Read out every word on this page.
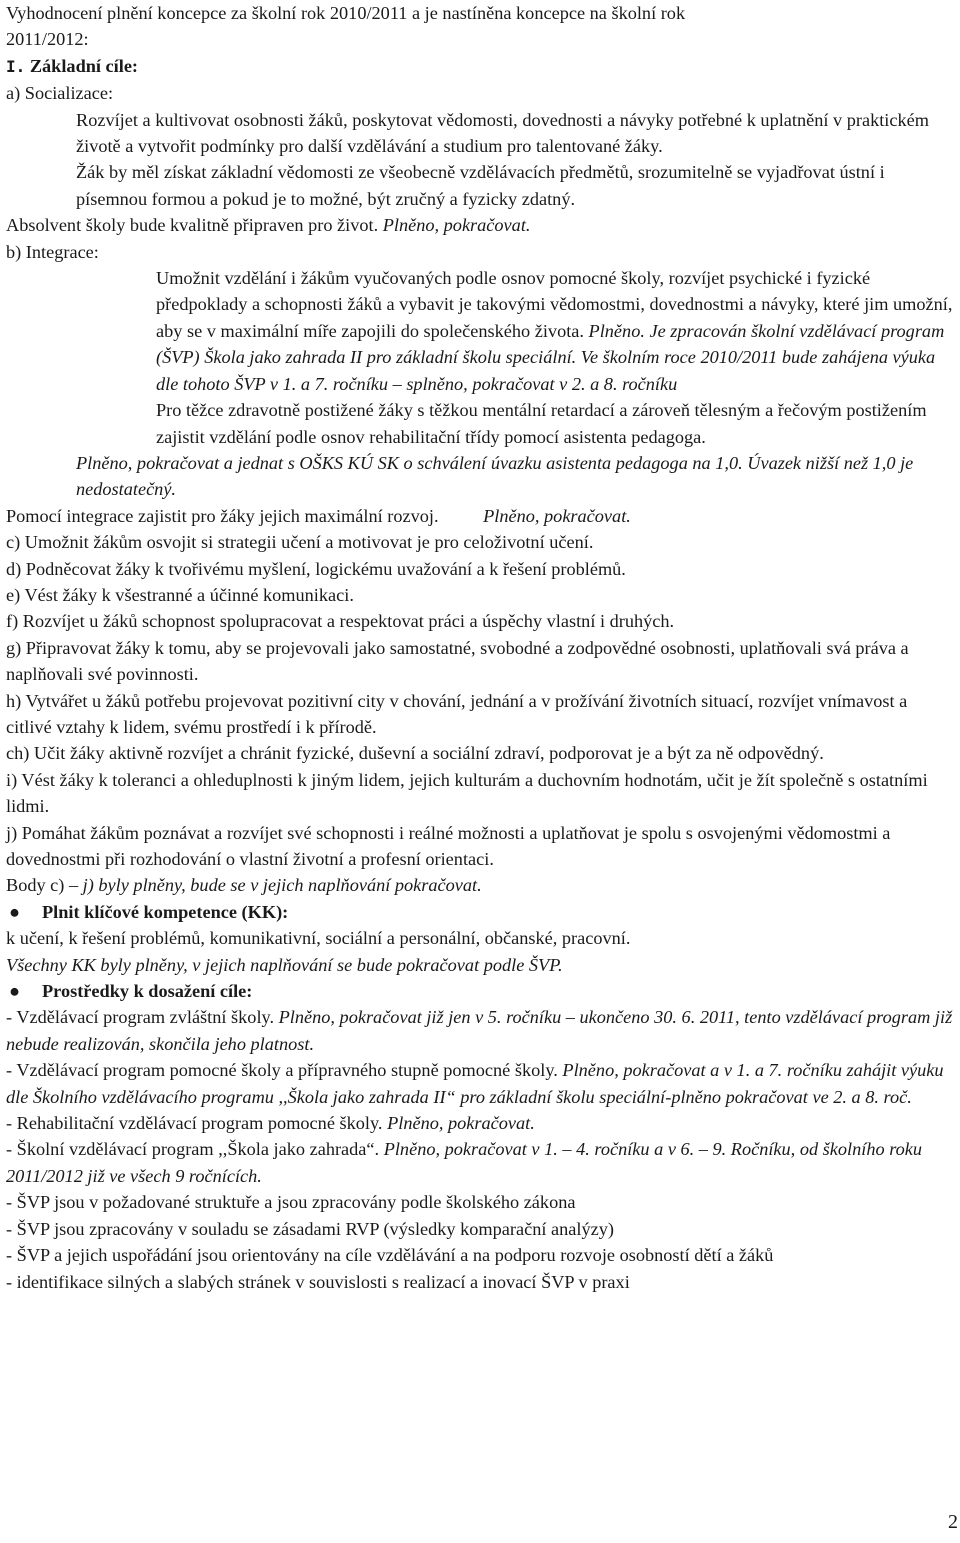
Vyhodnocení plnění koncepce za školní rok 2010/2011 a je nastíněna koncepce na školní rok
2011/2012:

I. Základní cíle:

a) Socializace:

Rozvíjet a kultivovat osobnosti žáků, poskytovat vědomosti, dovednosti a návyky potřebné k uplatnění v praktickém životě a vytvořit podmínky pro další vzdělávání a studium pro talentované žáky.

Žák by měl získat základní vědomosti ze všeobecně vzdělávacích předmětů, srozumitelně se vyjadřovat ústní i písemnou formou a pokud je to možné, být zručný a fyzicky zdatný.

Absolvent školy bude kvalitně připraven pro život. Plněno, pokračovat.

b) Integrace:

Umožnit vzdělání i žákům vyučovaných podle osnov pomocné školy, rozvíjet psychické i fyzické předpoklady a schopnosti žáků a vybavit je takovými vědomostmi, dovednostmi a návyky, které jim umožní, aby se v maximální míře zapojili do společenského života. Plněno. Je zpracován školní vzdělávací program (ŠVP) Škola jako zahrada II pro základní školu speciální. Ve školním roce 2010/2011 bude zahájena výuka dle tohoto ŠVP v 1. a 7. ročníku – splněno, pokračovat v 2. a 8. ročníku

Pro těžce zdravotně postižené žáky s těžkou mentální retardací a zároveň tělesným a řečovým postižením zajistit vzdělání podle osnov rehabilitační třídy pomocí asistenta pedagoga.

Plněno, pokračovat a jednat s OŠKS KÚ SK o schválení úvazku asistenta pedagoga na 1,0. Úvazek nižší než 1,0 je nedostatečný.

Pomocí integrace zajistit pro žáky jejich maximální rozvoj. Plněno, pokračovat.

c) Umožnit žákům osvojit si strategii učení a motivovat je pro celoživotní učení.

d) Podněcovat žáky k tvořivému myšlení, logickému uvažování a k řešení problémů.

e) Vést žáky k všestranné a účinné komunikaci.

f) Rozvíjet u žáků schopnost spolupracovat a respektovat práci a úspěchy vlastní i druhých.

g) Připravovat žáky k tomu, aby se projevovali jako samostatné, svobodné a zodpovědné osobnosti, uplatňovali svá práva a naplňovali své povinnosti.

h) Vytvářet u žáků potřebu projevovat pozitivní city v chování, jednání a v prožívání životních situací, rozvíjet vnímavost a citlivé vztahy k lidem, svému prostředí i k přírodě.

ch) Učit žáky aktivně rozvíjet a chránit fyzické, duševní a sociální zdraví, podporovat je a být za ně odpovědný.

i) Vést žáky k toleranci a ohleduplnosti k jiným lidem, jejich kulturám a duchovním hodnotám, učit je žít společně s ostatními lidmi.

j) Pomáhat žákům poznávat a rozvíjet své schopnosti i reálné možnosti a uplatňovat je spolu s osvojenými vědomostmi a dovednostmi při rozhodování o vlastní životní a profesní orientaci.

Body c) – j) byly plněny, bude se v jejich naplňování pokračovat.

● Plnit klíčové kompetence (KK):

k učení, k řešení problémů, komunikativní, sociální a personální, občanské, pracovní.

Všechny KK byly plněny, v jejich naplňování se bude pokračovat podle ŠVP.

● Prostředky k dosažení cíle:

- Vzdělávací program zvláštní školy. Plněno, pokračovat již jen v 5. ročníku – ukončeno 30. 6. 2011, tento vzdělávací program již nebude realizován, skončila jeho platnost.

- Vzdělávací program pomocné školy a přípravného stupně pomocné školy. Plněno, pokračovat a v 1. a 7. ročníku zahájit výuku dle Školního vzdělávacího programu ,,Škola jako zahrada II“ pro základní školu speciální-plněno pokračovat ve 2. a 8. roč.

- Rehabilitační vzdělávací program pomocné školy. Plněno, pokračovat.

- Školní vzdělávací program ,,Škola jako zahrada“. Plněno, pokračovat v 1. – 4. ročníku a v 6. – 9. Ročníku, od školního roku 2011/2012 již ve všech 9 ročnících.

- ŠVP jsou v požadované struktuře a jsou zpracovány podle školského zákona

- ŠVP jsou zpracovány v souladu se zásadami RVP (výsledky komparační analýzy)

- ŠVP a jejich uspořádání jsou orientovány na cíle vzdělávání a na podporu rozvoje osobností dětí a žáků

- identifikace silných a slabých stránek v souvislosti s realizací a inovací ŠVP v praxi

2
